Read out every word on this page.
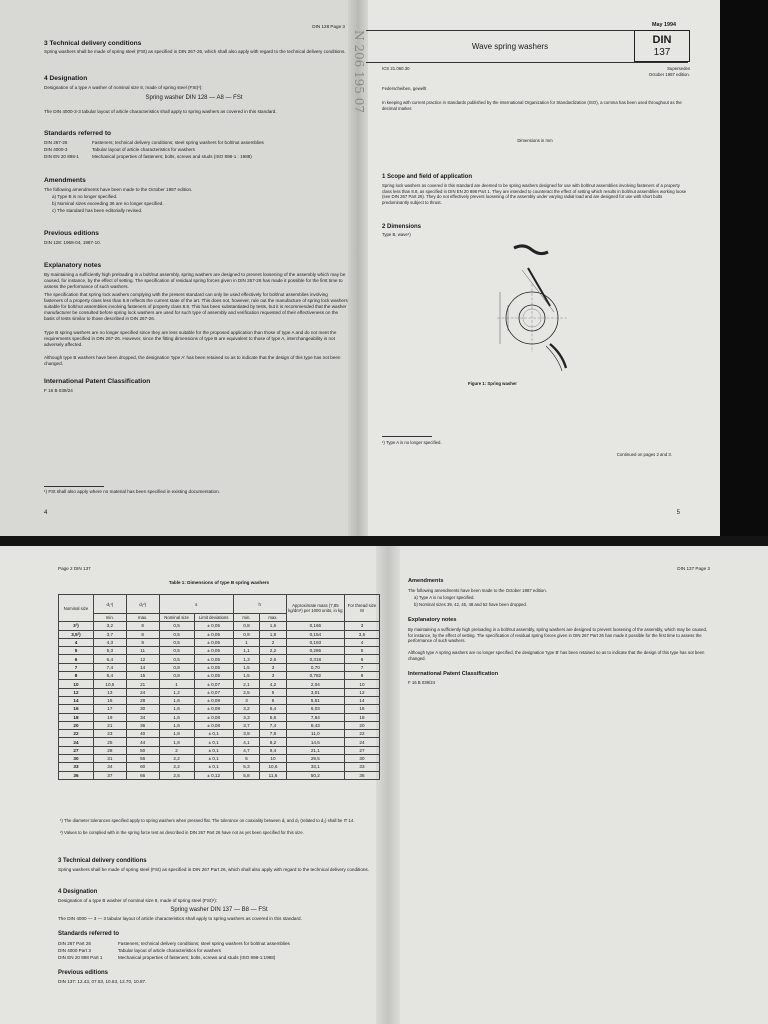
DIN 128 Page 3

3 Technical delivery conditions

Spring washers shall be made of spring steel (FSt) as specified in DIN 267-26, which shall also apply with regard to the technical delivery conditions.

4 Designation

Designation of a type A washer of nominal size 8, made of spring steel (FSt)¹):

Spring washer DIN 128 — A8 — FSt

The DIN 4000-3-3 tabular layout of article characteristics shall apply to spring washers as covered in this standard.

Standards referred to

DIN 267-26	Fasteners; technical delivery conditions; steel spring washers for bolt/nut assemblies
DIN 4000-3	Tabular layout of article characteristics for washers
DIN EN 20 898-1	Mechanical properties of fasteners; bolts, screws and studs (ISO 898-1 : 1988)

Amendments

The following amendments have been made to the October 1987 edition.

a) Type B is no longer specified.

b) Nominal sizes exceeding 36 are no longer specified.

c) The standard has been editorially revised.

Previous editions

DIN 128: 1968-04, 1987-10.

Explanatory notes

By maintaining a sufficiently high preloading in a bolt/nut assembly, spring washers are designed to prevent loosening of the assembly which may be caused, for instance, by the effect of setting. The specification of residual spring forces given in DIN 267-26 has made it possible for the first time to assess the performance of such washers.

The specification that spring lock washers complying with the present standard can only be used effectively for bolt/nut assemblies involving fasteners of a property class less than 8.8 reflects the current state of the art. This does not, however, rule out the manufacture of spring lock washers suitable for bolt/nut assemblies involving fasteners of property class 8.8. This has been substantiated by tests, but it is recommended that the washer manufacturer be consulted before spring lock washers are used for such type of assembly and verification requested of their effectiveness on the basis of tests similar to those described in DIN 267-26.

Type B spring washers are no longer specified since they are less suitable for the proposed application than those of type A and do not meet the requirements specified in DIN 267-26. However, since the fitting dimensions of type B are equivalent to those of type A, interchangeability is not adversely affected.

Although type B washers have been dropped, the designation 'type A' has been retained so as to indicate that the design of this type has not been changed.

International Patent Classification

F 16 B 039/24

¹) FSt shall also apply where no material has been specified in existing documentation.

4

N 206 195 07

May 1994

Wave spring washers

DIN
137

ICS 21.060.30	Supersedes

October 1987 edition.

Federscheiben, gewellt

In keeping with current practice in standards published by the International Organization for Standardization (ISO), a comma has been used throughout as the decimal marker.

Dimensions in mm

1 Scope and field of application

Spring lock washers as covered in this standard are deemed to be spring washers designed for use with bolt/nut assemblies involving fasteners of a property class less than 8.8, as specified in DIN EN 20 898 Part 1. They are intended to counteract the effect of setting which results in bolt/nut assemblies working loose (see DIN 267 Part 26). They do not effectively prevent loosening of the assembly under varying radial load and are designed for use with short bolts predominantly subject to thrust.

2 Dimensions

Type B, wave¹)

Figure 1: Spring washer

¹) Type A is no longer specified.

Continued on pages 2 and 3.

5

Page 2 DIN 137

Table 1: Dimensions of type B spring washers

Nominal size	d₁¹)	d₂²)	s		h		Approximate mass (7,85 kg/dm³) per 1000 units, in kg	For thread size M
	min.	max.	Nominal size	Limit deviations	min.	max.		
3²)	3,2	8	0,5	± 0,05	0,8	1,6	0,166	3
3,5²)	3,7	8	0,5	± 0,05	0,9	1,8	0,154	3,5
4	4,3	9	0,5	± 0,05	1	2	0,193	4
5	5,3	11	0,5	± 0,05	1,1	2,2	0,286	5
6	6,4	12	0,5	± 0,05	1,3	2,6	0,318	6
7	7,4	14	0,8	± 0,05	1,5	3	0,70	7
8	8,4	15	0,8	± 0,05	1,5	3	0,782	8
10	10,5	21	1	± 0,07	2,1	4,2	2,04	10
12	13	24	1,2	± 0,07	2,5	5	3,01	12
14	15	28	1,6	± 0,08	3	6	5,51	14
16	17	30	1,6	± 0,08	3,2	6,4	6,03	16
18	19	34	1,6	± 0,08	3,3	6,6	7,84	18
20	21	36	1,6	± 0,08	3,7	7,4	8,43	20
22	23	40	1,8	± 0,1	3,9	7,8	11,0	22
24	25	44	1,8	± 0,1	4,1	8,2	14,5	24
27	28	50	2	± 0,1	4,7	9,4	21,1	27
30	31	56	2,2	± 0,1	5	10	29,5	30
33	34	60	2,2	± 0,1	5,3	10,6	33,1	33
36	37	66	2,5	± 0,12	5,8	11,6	50,2	36

¹) The diameter tolerances specified apply to spring washers when pressed flat. The tolerance on coaxiality between d₁ and d₂ (related to d₂) shall be IT 14.

²) Values to be complied with in the spring force test as described in DIN 267 Part 26 have not as yet been specified for this size.

3 Technical delivery conditions

Spring washers shall be made of spring steel (FSt) as specified in DIN 267 Part 26, which shall also apply with regard to the technical delivery conditions.

4 Designation

Designation of a type B washer of nominal size 8, made of spring steel (FSt)¹):

Spring washer DIN 137 — B8 — FSt

The DIN 4000 — 3 — 3 tabular layout of article characteristics shall apply to spring washers as covered in this standard.

Standards referred to

DIN 267 Part 26	Fasteners; technical delivery conditions; steel spring washers for bolt/nut assemblies
DIN 4000 Part 3	Tabular layout of article characteristics for washers
DIN EN 20 898 Part 1	Mechanical properties of fasteners; bolts, screws and studs (ISO 898-1:1988)

Previous editions

DIN 137: 12.43, 07.53, 10.63, 12.70, 10.87.

DIN 137 Page 3

Amendments

The following amendments have been made to the October 1987 edition.

a) Type A is no longer specified.

b) Nominal sizes 39, 42, 45, 48 and 52 have been dropped.

Explanatory notes

By maintaining a sufficiently high preloading in a bolt/nut assembly, spring washers are designed to prevent loosening of the assembly, which may be caused, for instance, by the effect of setting. The specification of residual spring forces given in DIN 267 Part 26 has made it possible for the first time to assess the performance of such washers.

Although type A spring washers are no longer specified, the designation 'type B' has been retained so as to indicate that the design of this type has not been changed.

International Patent Classification

F 16 B 039/24
